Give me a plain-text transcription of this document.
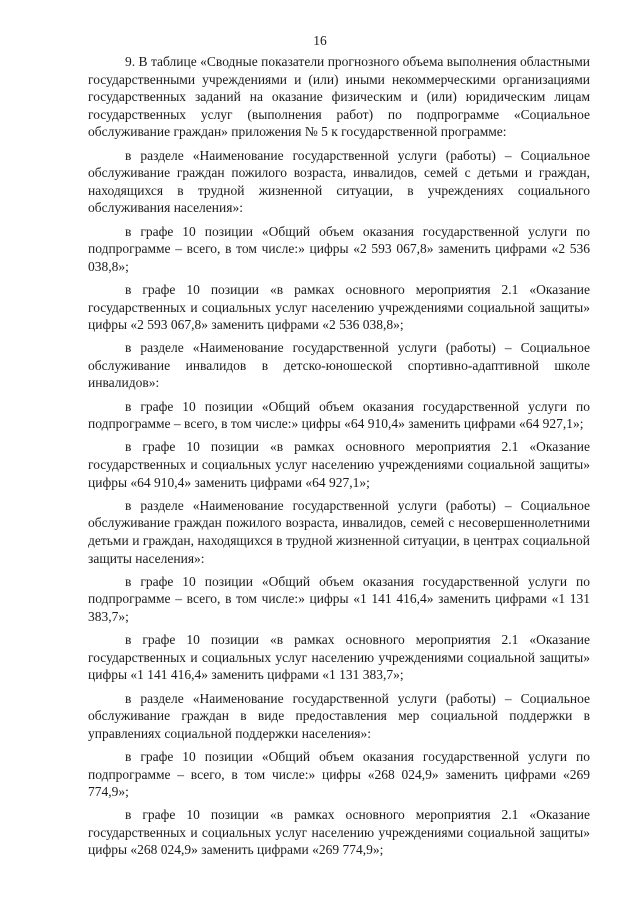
16

9. В таблице «Сводные показатели прогнозного объема выполнения областными государственными учреждениями и (или) иными некоммерческими организациями государственных заданий на оказание физическим и (или) юридическим лицам государственных услуг (выполнения работ) по подпрограмме «Социальное обслуживание граждан» приложения № 5 к государственной программе:

в разделе «Наименование государственной услуги (работы) – Социальное обслуживание граждан пожилого возраста, инвалидов, семей с детьми и граждан, находящихся в трудной жизненной ситуации, в учреждениях социального обслуживания населения»:

в графе 10 позиции «Общий объем оказания государственной услуги по подпрограмме – всего, в том числе:» цифры «2 593 067,8» заменить цифрами «2 536 038,8»;

в графе 10 позиции «в рамках основного мероприятия 2.1 «Оказание государственных и социальных услуг населению учреждениями социальной защиты» цифры «2 593 067,8» заменить цифрами «2 536 038,8»;

в разделе «Наименование государственной услуги (работы) – Социальное обслуживание инвалидов в детско-юношеской спортивно-адаптивной школе инвалидов»:

в графе 10 позиции «Общий объем оказания государственной услуги по подпрограмме – всего, в том числе:» цифры «64 910,4» заменить цифрами «64 927,1»;

в графе 10 позиции «в рамках основного мероприятия 2.1 «Оказание государственных и социальных услуг населению учреждениями социальной защиты» цифры «64 910,4» заменить цифрами «64 927,1»;

в разделе «Наименование государственной услуги (работы) – Социальное обслуживание граждан пожилого возраста, инвалидов, семей с несовершеннолетними детьми и граждан, находящихся в трудной жизненной ситуации, в центрах социальной защиты населения»:

в графе 10 позиции «Общий объем оказания государственной услуги по подпрограмме – всего, в том числе:» цифры «1 141 416,4» заменить цифрами «1 131 383,7»;

в графе 10 позиции «в рамках основного мероприятия 2.1 «Оказание государственных и социальных услуг населению учреждениями социальной защиты» цифры «1 141 416,4» заменить цифрами «1 131 383,7»;

в разделе «Наименование государственной услуги (работы) – Социальное обслуживание граждан в виде предоставления мер социальной поддержки в управлениях социальной поддержки населения»:

в графе 10 позиции «Общий объем оказания государственной услуги по подпрограмме – всего, в том числе:» цифры «268 024,9» заменить цифрами «269 774,9»;

в графе 10 позиции «в рамках основного мероприятия 2.1 «Оказание государственных и социальных услуг населению учреждениями социальной защиты» цифры «268 024,9» заменить цифрами «269 774,9»;
